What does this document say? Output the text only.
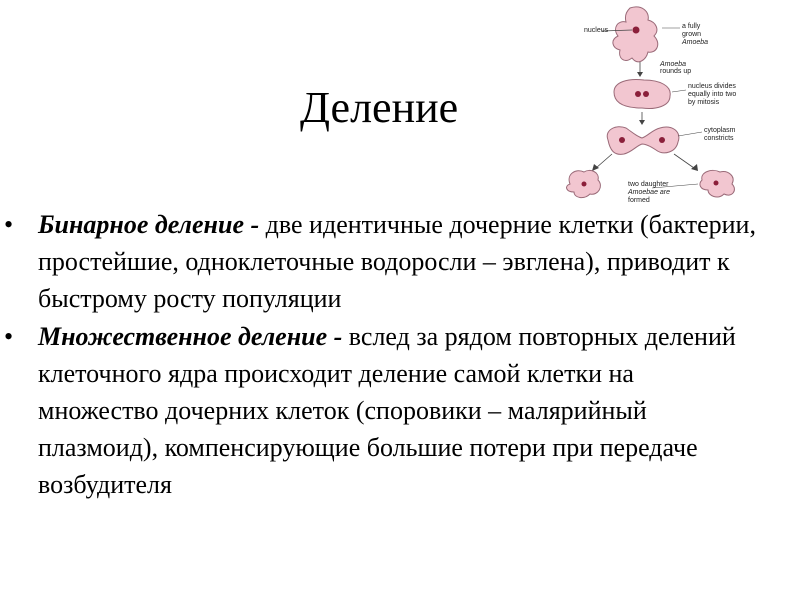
Деление
nucleus
a fully
grown
Amoeba
Amoeba
rounds up
nucleus divides
equally into two
by mitosis
cytoplasm
constricts
two daughter
Amoebae are
formed
• Бинарное деление - две идентичные дочерние клетки (бактерии, простейшие, одноклеточные водоросли – эвглена), приводит к быстрому росту популяции
• Множественное деление - вслед за рядом повторных делений клеточного ядра происходит деление самой клетки на множество дочерних клеток (споровики – малярийный плазмоид), компенсирующие большие потери при передаче возбудителя
